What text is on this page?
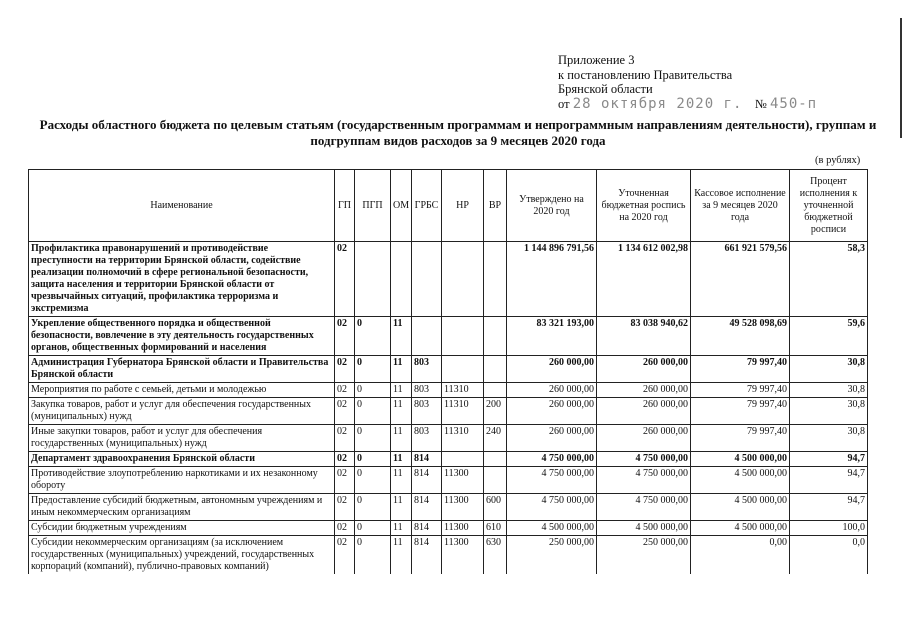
Приложение 3
к постановлению Правительства
Брянской области
от 28 октября 2020 г. № 450-п
Расходы областного бюджета по целевым статьям (государственным программам и непрограммным направлениям деятельности), группам и подгруппам видов расходов за 9 месяцев 2020 года
(в рублях)
Наименование	ГП	ПГП	ОМ	ГРБС	НР	ВР	Утверждено на 2020 год	Уточненная бюджетная роспись на 2020 год	Кассовое исполнение за 9 месяцев 2020 года	Процент исполнения к уточненной бюджетной росписи
Профилактика правонарушений и противодействие преступности на территории Брянской области, содействие реализации полномочий в сфере региональной безопасности, защита населения и территории Брянской области от чрезвычайных ситуаций, профилактика терроризма и экстремизма	02						1 144 896 791,56	1 134 612 002,98	661 921 579,56	58,3
Укрепление общественного порядка и общественной безопасности, вовлечение в эту деятельность государственных органов, общественных формирований и населения	02	0	11				83 321 193,00	83 038 940,62	49 528 098,69	59,6
Администрация Губернатора Брянской области и Правительства Брянской области	02	0	11	803			260 000,00	260 000,00	79 997,40	30,8
Мероприятия по работе с семьей, детьми и молодежью	02	0	11	803	11310		260 000,00	260 000,00	79 997,40	30,8
Закупка товаров, работ и услуг для обеспечения государственных (муниципальных) нужд	02	0	11	803	11310	200	260 000,00	260 000,00	79 997,40	30,8
Иные закупки товаров, работ и услуг для обеспечения государственных (муниципальных) нужд	02	0	11	803	11310	240	260 000,00	260 000,00	79 997,40	30,8
Департамент здравоохранения Брянской области	02	0	11	814			4 750 000,00	4 750 000,00	4 500 000,00	94,7
Противодействие злоупотреблению наркотиками и их незаконному обороту	02	0	11	814	11300		4 750 000,00	4 750 000,00	4 500 000,00	94,7
Предоставление субсидий бюджетным, автономным учреждениям и иным некоммерческим организациям	02	0	11	814	11300	600	4 750 000,00	4 750 000,00	4 500 000,00	94,7
Субсидии бюджетным учреждениям	02	0	11	814	11300	610	4 500 000,00	4 500 000,00	4 500 000,00	100,0
Субсидии некоммерческим организациям (за исключением государственных (муниципальных) учреждений, государственных корпораций (компаний), публично-правовых компаний)	02	0	11	814	11300	630	250 000,00	250 000,00	0,00	0,0
